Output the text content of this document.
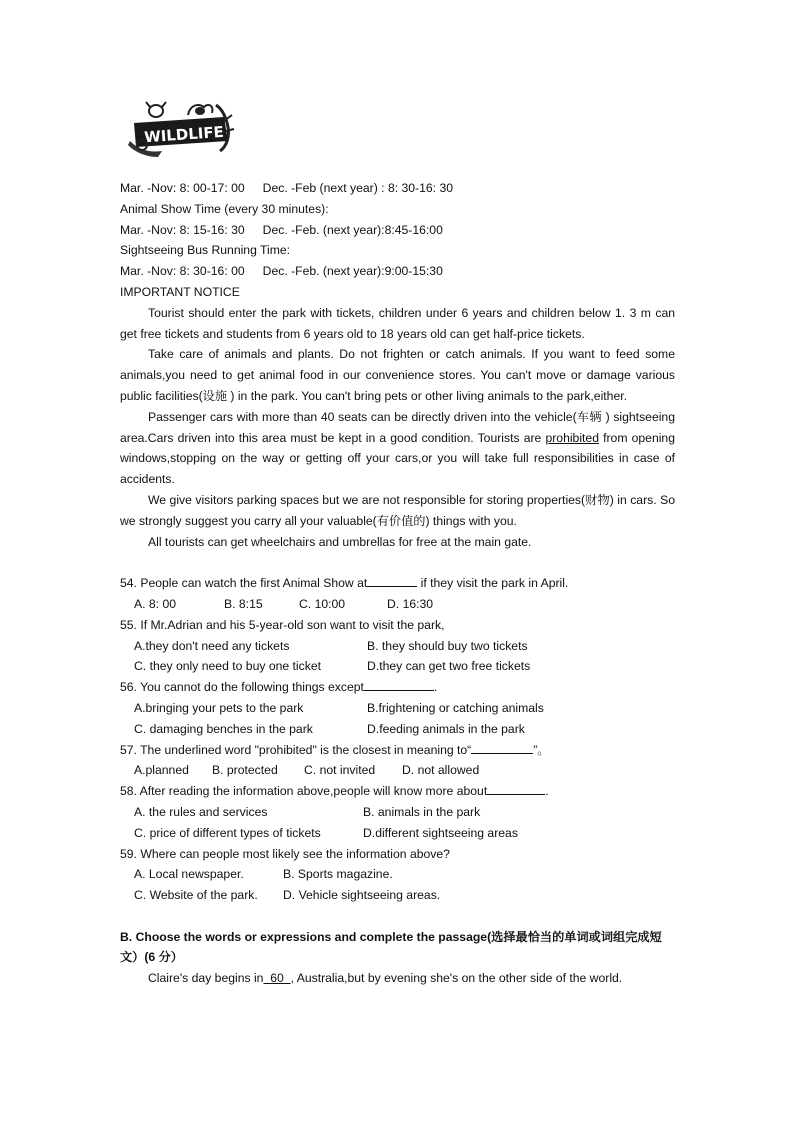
WILDLIFE
Mar. -Nov: 8: 00-17: 00 Dec. -Feb (next year) : 8: 30-16: 30
Animal Show Time (every 30 minutes):
Mar. -Nov: 8: 15-16: 30 Dec. -Feb. (next year):8:45-16:00
Sightseeing Bus Running Time:
Mar. -Nov: 8: 30-16: 00 Dec. -Feb. (next year):9:00-15:30
IMPORTANT NOTICE
Tourist should enter the park with tickets, children under 6 years and children below 1. 3 m can get free tickets and students from 6 years old to 18 years old can get half-price tickets.
Take care of animals and plants. Do not frighten or catch animals. If you want to feed some animals,you need to get animal food in our convenience stores. You can't move or damage various public facilities(设施 ) in the park. You can't bring pets or other living animals to the park,either.
Passenger cars with more than 40 seats can be directly driven into the vehicle(车辆 ) sightseeing area.Cars driven into this area must be kept in a good condition. Tourists are prohibited from opening windows,stopping on the way or getting off your cars,or you will take full responsibilities in case of accidents.
We give visitors parking spaces but we are not responsible for storing properties(财物) in cars. So we strongly suggest you carry all your valuable(有价值的) things with you.
All tourists can get wheelchairs and umbrellas for free at the main gate.
54. People can watch the first Animal Show at	if they visit the park in April.
A. 8: 00	B. 8:15	C. 10:00	D. 16:30
55. If Mr.Adrian and his 5-year-old son want to visit the park,
A.they don't need any tickets	B. they should buy two tickets
C. they only need to buy one ticket	D.they can get two free tickets
56. You cannot do the following things except	.
A.bringing your pets to the park	B.frightening or catching animals
C. damaging benches in the park	D.feeding animals in the park
57. The underlined word "prohibited" is the closest in meaning to“	”。
A.planned B. protected C. not invited D. not allowed
58. After reading the information above,people will know more about	.
A. the rules and services	B. animals in the park
C. price of different types of tickets	D.different sightseeing areas
59. Where can people most likely see the information above?
A. Local newspaper.	B. Sports magazine.
C. Website of the park. D. Vehicle sightseeing areas.
B. Choose the words or expressions and complete the passage(选择最恰当的单词或词组完成短文）(6 分）
Claire's day begins in 60 , Australia,but by evening she's on the other side of the world.
